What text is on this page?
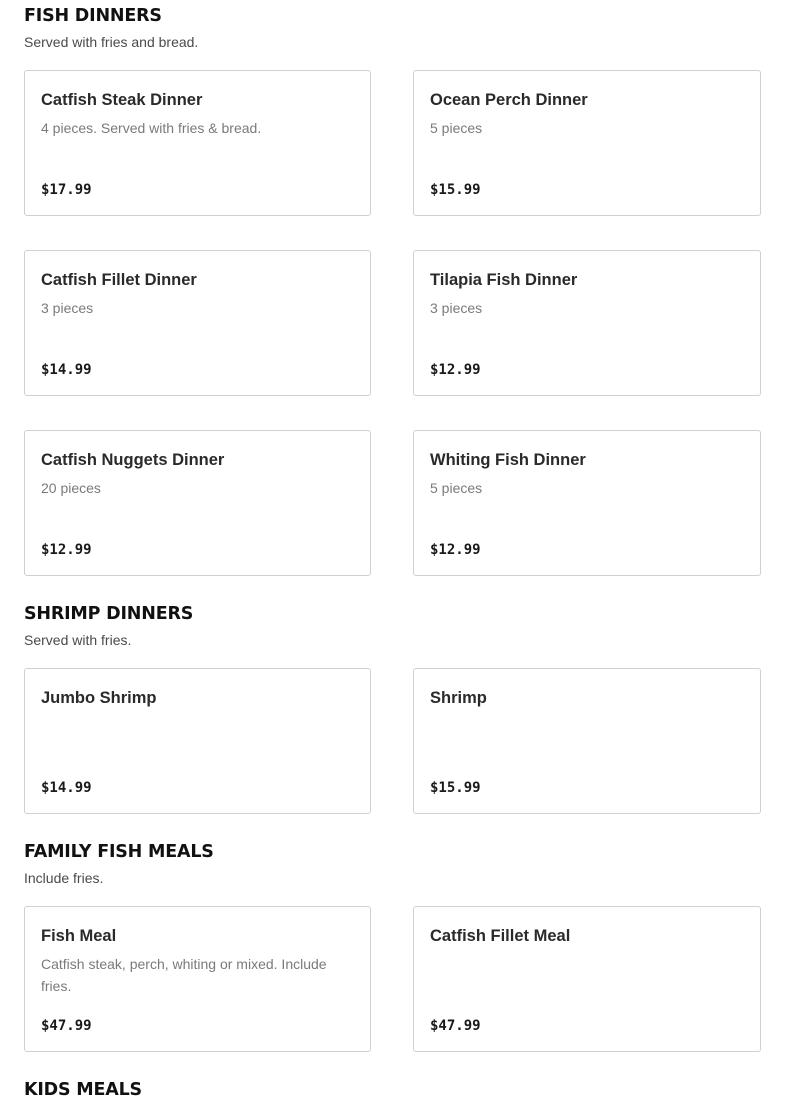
FISH DINNERS

Served with fries and bread.

Catfish Steak Dinner
4 pieces. Served with fries & bread.
$17.99
Ocean Perch Dinner
5 pieces
$15.99
Catfish Fillet Dinner
3 pieces
$14.99
Tilapia Fish Dinner
3 pieces
$12.99
Catfish Nuggets Dinner
20 pieces
$12.99
Whiting Fish Dinner
5 pieces
$12.99
SHRIMP DINNERS

Served with fries.

Jumbo Shrimp
$14.99
Shrimp
$15.99
FAMILY FISH MEALS

Include fries.

Fish Meal
Catfish steak, perch, whiting or mixed. Include fries.
$47.99
Catfish Fillet Meal
$47.99
KIDS MEALS
